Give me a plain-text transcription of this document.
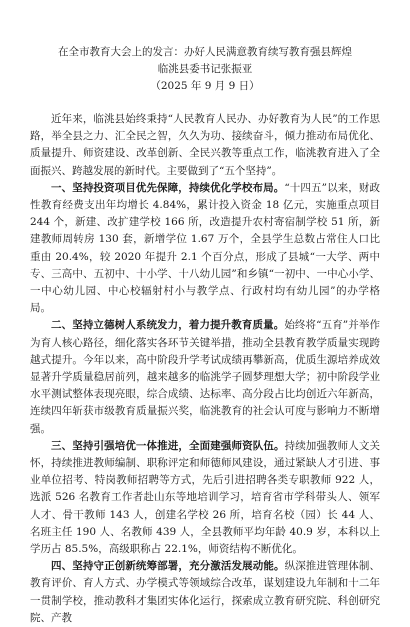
在全市教育大会上的发言：办好人民满意教育续写教育强县辉煌

临洮县委书记张振亚

（2025 年 9 月 9 日）

近年来，临洮县始终秉持“人民教育人民办、办好教育为人民”的工作思路，举全县之力、汇全民之智，久久为功、接续奋斗，倾力推动布局优化、质量提升、师资建设、改革创新、全民兴教等重点工作，临洮教育进入了全面振兴、跨越发展的新时代。主要做到了“五个坚持”。

一、坚持投资项目优先保障，持续优化学校布局。“十四五”以来，财政性教育经费支出年均增长 4.84%，累计投入资金 18 亿元，实施重点项目 244 个，新建、改扩建学校 166 所，改造提升农村寄宿制学校 51 所，新建教师周转房 130 套，新增学位 1.67 万个，全县学生总数占常住人口比重由 20.4%，较 2020 年提升 2.1 个百分点，形成了县城“一大学、两中专、三高中、五初中、十小学、十八幼儿园”和乡镇“一初中、一中心小学、一中心幼儿园、中心校辐射村小与教学点、行政村均有幼儿园”的办学格局。

二、坚持立德树人系统发力，着力提升教育质量。始终将“五育”并举作为育人核心路径，细化落实各环节关键举措，推动全县教育教学质量实现跨越式提升。今年以来，高中阶段升学考试成绩再攀新高，优质生源培养成效显著升学质量稳居前列，越来越多的临洮学子圆梦理想大学；初中阶段学业水平测试整体表现亮眼，综合成绩、达标率、高分段占比均创近六年新高，连续四年斩获市级教育质量振兴奖，临洮教育的社会认可度与影响力不断增强。

三、坚持引强培优一体推进，全面建强师资队伍。持续加强教师人文关怀，持续推进教师编制、职称评定和师德师风建设，通过紧缺人才引进、事业单位招考、特岗教师招聘等方式，先后引进招聘各类专职教师 922 人，选派 526 名教育工作者赴山东等地培训学习，培育省市学科带头人、领军人才、骨干教师 143 人，创建名学校 26 所，培育名校（园）长 44 人、名班主任 190 人、名教师 439 人，全县教师平均年龄 40.9 岁，本科以上学历占 85.5%，高级职称占 22.1%，师资结构不断优化。

四、坚持守正创新统筹部署，充分激活发展动能。纵深推进管理体制、教育评价、育人方式、办学模式等领域综合改革，谋划建设九年制和十二年一贯制学校，推动教科才集团实体化运行，探索成立教育研究院、科创研究院、产教
